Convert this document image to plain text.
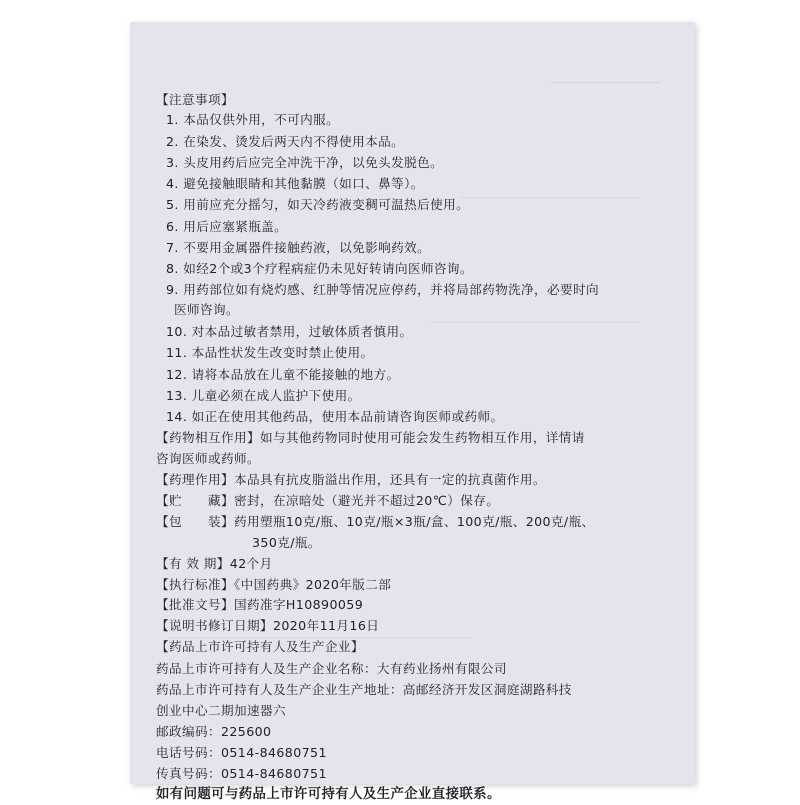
【注意事项】
1. 本品仅供外用，不可内服。
2. 在染发、烫发后两天内不得使用本品。
3. 头皮用药后应完全冲洗干净，以免头发脱色。
4. 避免接触眼睛和其他黏膜（如口、鼻等）。
5. 用前应充分摇匀，如天冷药液变稠可温热后使用。
6. 用后应塞紧瓶盖。
7. 不要用金属器件接触药液，以免影响药效。
8. 如经2个或3个疗程病症仍未见好转请向医师咨询。
9. 用药部位如有烧灼感、红肿等情况应停药，并将局部药物洗净，必要时向
医师咨询。
10. 对本品过敏者禁用，过敏体质者慎用。
11. 本品性状发生改变时禁止使用。
12. 请将本品放在儿童不能接触的地方。
13. 儿童必须在成人监护下使用。
14. 如正在使用其他药品，使用本品前请咨询医师或药师。
【药物相互作用】如与其他药物同时使用可能会发生药物相互作用，详情请
咨询医师或药师。
【药理作用】本品具有抗皮脂溢出作用，还具有一定的抗真菌作用。
【贮　　藏】密封，在凉暗处（避光并不超过20℃）保存。
【包　　装】药用塑瓶10克/瓶、10克/瓶×3瓶/盒、100克/瓶、200克/瓶、
350克/瓶。
【有 效 期】42个月
【执行标准】《中国药典》2020年版二部
【批准文号】国药准字H10890059
【说明书修订日期】2020年11月16日
【药品上市许可持有人及生产企业】
药品上市许可持有人及生产企业名称：大有药业扬州有限公司
药品上市许可持有人及生产企业生产地址：高邮经济开发区洞庭湖路科技
创业中心二期加速器六
邮政编码：225600
电话号码：0514-84680751
传真号码：0514-84680751
如有问题可与药品上市许可持有人及生产企业直接联系。
